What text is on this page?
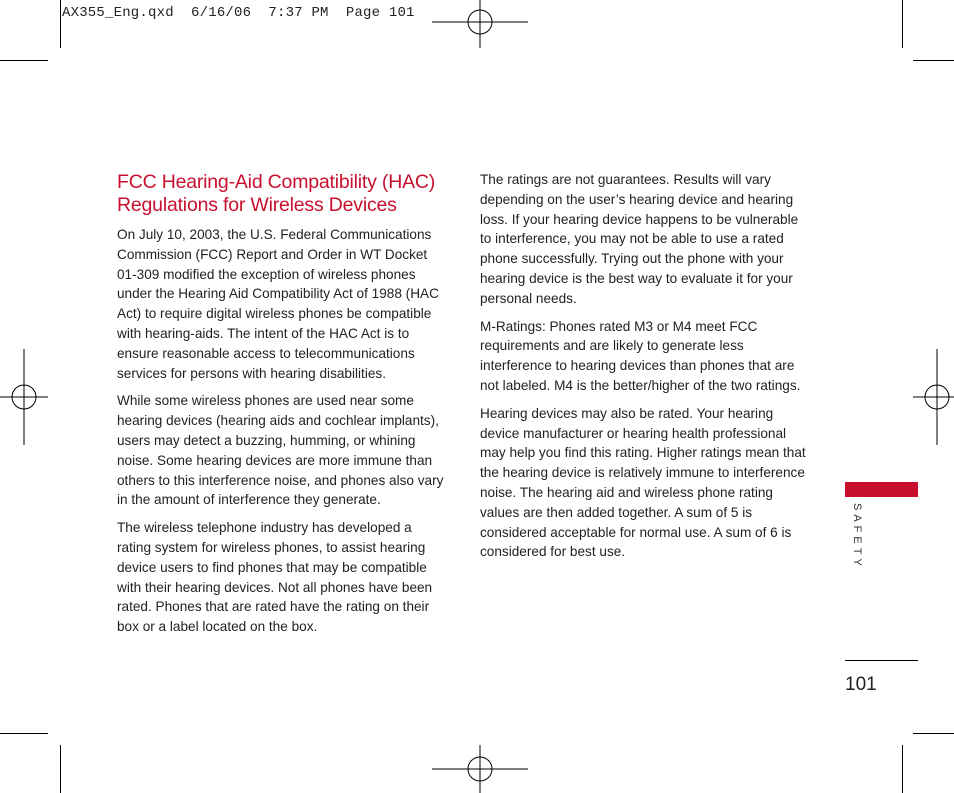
AX355_Eng.qxd  6/16/06  7:37 PM  Page 101
FCC Hearing-Aid Compatibility (HAC) Regulations for Wireless Devices

On July 10, 2003, the U.S. Federal Communications Commission (FCC) Report and Order in WT Docket 01-309 modified the exception of wireless phones under the Hearing Aid Compatibility Act of 1988 (HAC Act) to require digital wireless phones be compatible with hearing-aids. The intent of the HAC Act is to ensure reasonable access to telecommunications services for persons with hearing disabilities.

While some wireless phones are used near some hearing devices (hearing aids and cochlear implants), users may detect a buzzing, humming, or whining noise. Some hearing devices are more immune than others to this interference noise, and phones also vary in the amount of interference they generate.

The wireless telephone industry has developed a rating system for wireless phones, to assist hearing device users to find phones that may be compatible with their hearing devices. Not all phones have been rated. Phones that are rated have the rating on their box or a label located on the box.

The ratings are not guarantees. Results will vary depending on the user’s hearing device and hearing loss. If your hearing device happens to be vulnerable to interference, you may not be able to use a rated phone successfully. Trying out the phone with your hearing device is the best way to evaluate it for your personal needs.

M-Ratings: Phones rated M3 or M4 meet FCC requirements and are likely to generate less interference to hearing devices than phones that are not labeled. M4 is the better/higher of the two ratings.

Hearing devices may also be rated. Your hearing device manufacturer or hearing health professional may help you find this rating. Higher ratings mean that the hearing device is relatively immune to interference noise. The hearing aid and wireless phone rating values are then added together. A sum of 5 is considered acceptable for normal use. A sum of 6 is considered for best use.	SAFETY
101
